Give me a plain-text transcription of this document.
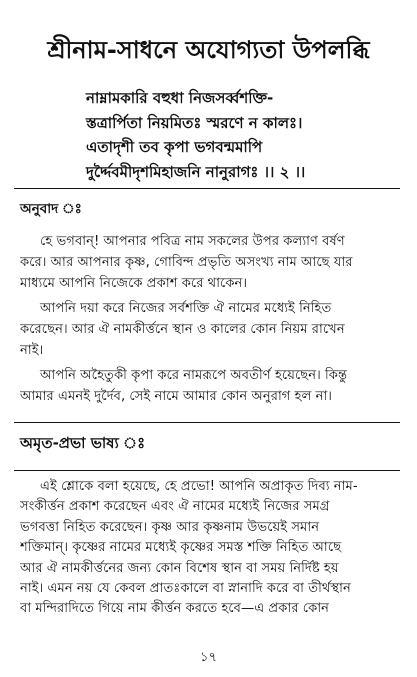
শ্রীনাম-সাধনে অযোগ্যতা উপলব্ধি
নাম্নামকারি বহুধা নিজসর্ব্বশক্তি-
স্তত্রার্পিতা নিয়মিতঃ স্মরণে ন কালঃ।
এতাদৃশী তব কৃপা ভগবন্মমাপি
দুর্দ্দৈবমীদৃশমিহাজনি নানুরাগঃ ।। ২ ।।
অনুবাদ ঃ
হে ভগবান্! আপনার পবিত্র নাম সকলের উপর কল্যাণ বর্ষণ
করে। আর আপনার কৃষ্ণ, গোবিন্দ প্রভৃতি অসংখ্য নাম আছে যার
মাধ্যমে আপনি নিজেকে প্রকাশ করে থাকেন।
আপনি দয়া করে নিজের সর্বশক্তি ঐ নামের মধ্যেই নিহিত
করেছেন। আর ঐ নামকীর্ত্তনে স্থান ও কালের কোন নিয়ম রাখেন
নাই।
আপনি অহৈতুকী কৃপা করে নামরূপে অবতীর্ণ হয়েছেন। কিন্তু
আমার এমনই দুর্দৈব, সেই নামে আমার কোন অনুরাগ হল না।
অমৃত-প্রভা ভাষ্য ঃ
এই শ্লোকে বলা হয়েছে, হে প্রভো! আপনি অপ্রাকৃত দিব্য নাম-
সংকীর্ত্তন প্রকাশ করেছেন এবং ঐ নামের মধ্যেই নিজের সমগ্র
ভগবত্তা নিহিত করেছেন। কৃষ্ণ আর কৃষ্ণনাম উভয়েই সমান
শক্তিমান্। কৃষ্ণের নামের মধ্যেই কৃষ্ণের সমস্ত শক্তি নিহিত আছে
আর ঐ নামকীর্ত্তনের জন্য কোন বিশেষ স্থান বা সময় নির্দিষ্ট হয়
নাই। এমন নয় যে কেবল প্রাতঃকালে বা স্নানাদি করে বা তীর্থস্থান
বা মন্দিরাদিতে গিয়ে নাম কীর্ত্তন করতে হবে—এ প্রকার কোন
১৭
